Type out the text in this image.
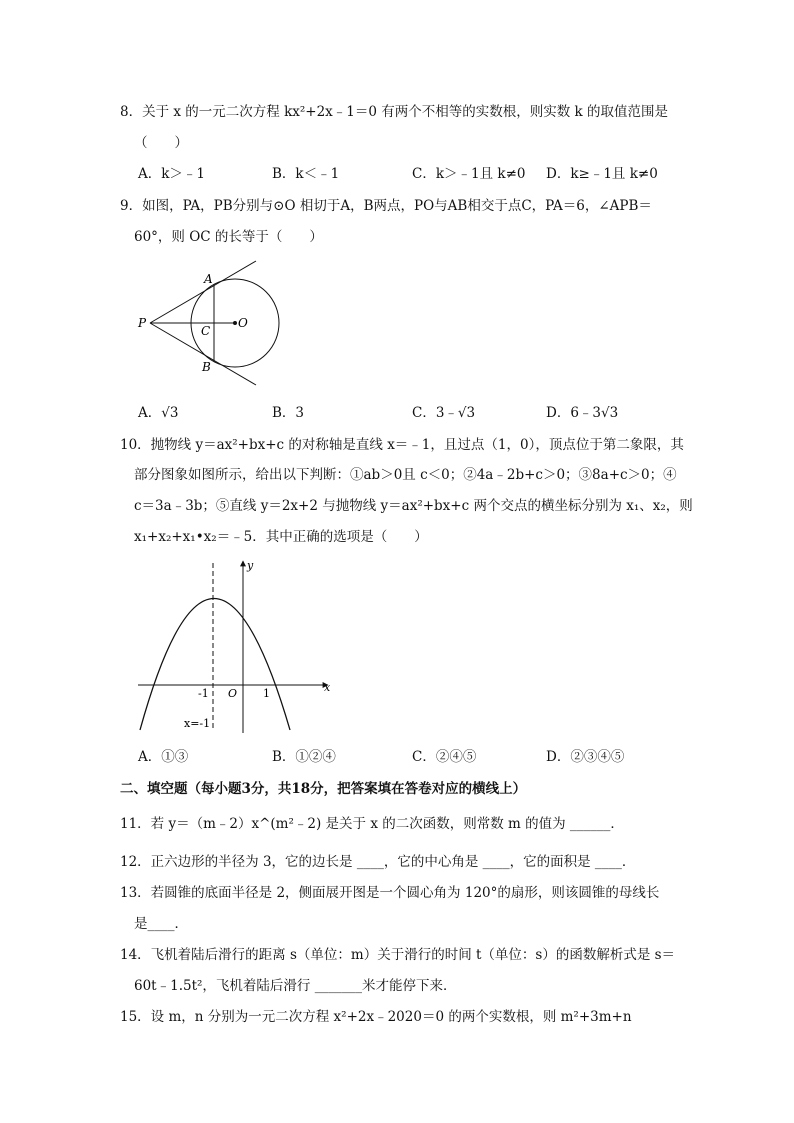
8．关于 x 的一元二次方程 kx²+2x﹣1＝0 有两个不相等的实数根，则实数 k 的取值范围是
（　　）
A．k＞﹣1	B．k＜﹣1	C．k＞﹣1且 k≠0 D．k≥﹣1且 k≠0
9．如图，PA，PB分别与⊙O 相切于A，B两点，PO与AB相交于点C，PA＝6，∠APB＝
60°，则 OC 的长等于（　　）
A
B
P
C
O
A．√3	B．3	C．3﹣√3	D．6﹣3√3
10．抛物线 y＝ax²+bx+c 的对称轴是直线 x＝﹣1，且过点（1，0），顶点位于第二象限，其
部分图象如图所示，给出以下判断：①ab＞0且 c＜0；②4a﹣2b+c＞0；③8a+c＞0；④
c＝3a﹣3b；⑤直线 y＝2x+2 与抛物线 y＝ax²+bx+c 两个交点的横坐标分别为 x₁、x₂，则
x₁+x₂+x₁•x₂＝﹣5．其中正确的选项是（　　）
y
x
-1 O 1
x=-1
A．①③	B．①②④	C．②④⑤	D．②③④⑤
二、填空题（每小题3分，共18分，把答案填在答卷对应的横线上）
11．若 y＝（m﹣2）x^(m²﹣2) 是关于 x 的二次函数，则常数 m 的值为 ______．
12．正六边形的半径为 3，它的边长是 ____，它的中心角是 ____，它的面积是 ____．
13．若圆锥的底面半径是 2，侧面展开图是一个圆心角为 120°的扇形，则该圆锥的母线长
是____．
14．飞机着陆后滑行的距离 s（单位：m）关于滑行的时间 t（单位：s）的函数解析式是 s＝
60t﹣1.5t²，飞机着陆后滑行 _______米才能停下来．
15．设 m，n 分别为一元二次方程 x²+2x﹣2020＝0 的两个实数根，则 m²+3m+n
